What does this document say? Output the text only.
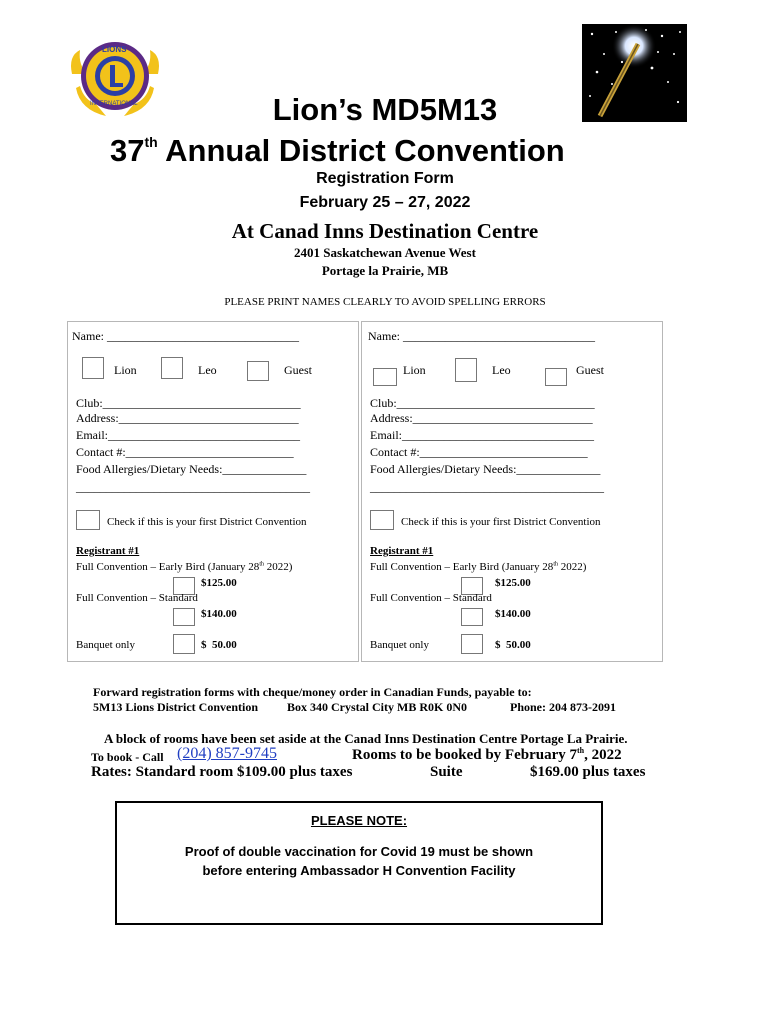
LIONS
INTERNATIONAL	Lion’s MD5M13
37th Annual District Convention
Registration Form
February 25 – 27, 2022
At Canad Inns Destination Centre
2401 Saskatchewan Avenue West
Portage la Prairie, MB
PLEASE PRINT NAMES CLEARLY TO AVOID SPELLING ERRORS
Name: ________________________________
Lion	Leo	Guest
Club:_________________________________
Address:______________________________
Email:________________________________
Contact #:____________________________
Food Allergies/Dietary Needs:______________
_______________________________________
Check if this is your first District Convention
Registrant #1
Full Convention – Early Bird (January 28th 2022)
$125.00
Full Convention – Standard
$140.00
Banquet only	$  50.00
Name: ________________________________
Lion	Leo	Guest
Club:_________________________________
Address:______________________________
Email:________________________________
Contact #:____________________________
Food Allergies/Dietary Needs:______________
_______________________________________
Check if this is your first District Convention
Registrant #1
Full Convention – Early Bird (January 28th 2022)
$125.00
Full Convention – Standard
$140.00
Banquet only	$  50.00
Forward registration forms with cheque/money order in Canadian Funds, payable to:
5M13 Lions District Convention Box 340 Crystal City MB R0K 0N0	Phone: 204 873-2091
A block of rooms have been set aside at the Canad Inns Destination Centre Portage La Prairie.
To book - Call (204) 857-9745	Rooms to be booked by February 7th, 2022
Rates: Standard room $109.00 plus taxes	Suite	$169.00 plus taxes
PLEASE NOTE:
Proof of double vaccination for Covid 19 must be shown
before entering Ambassador H Convention Facility
